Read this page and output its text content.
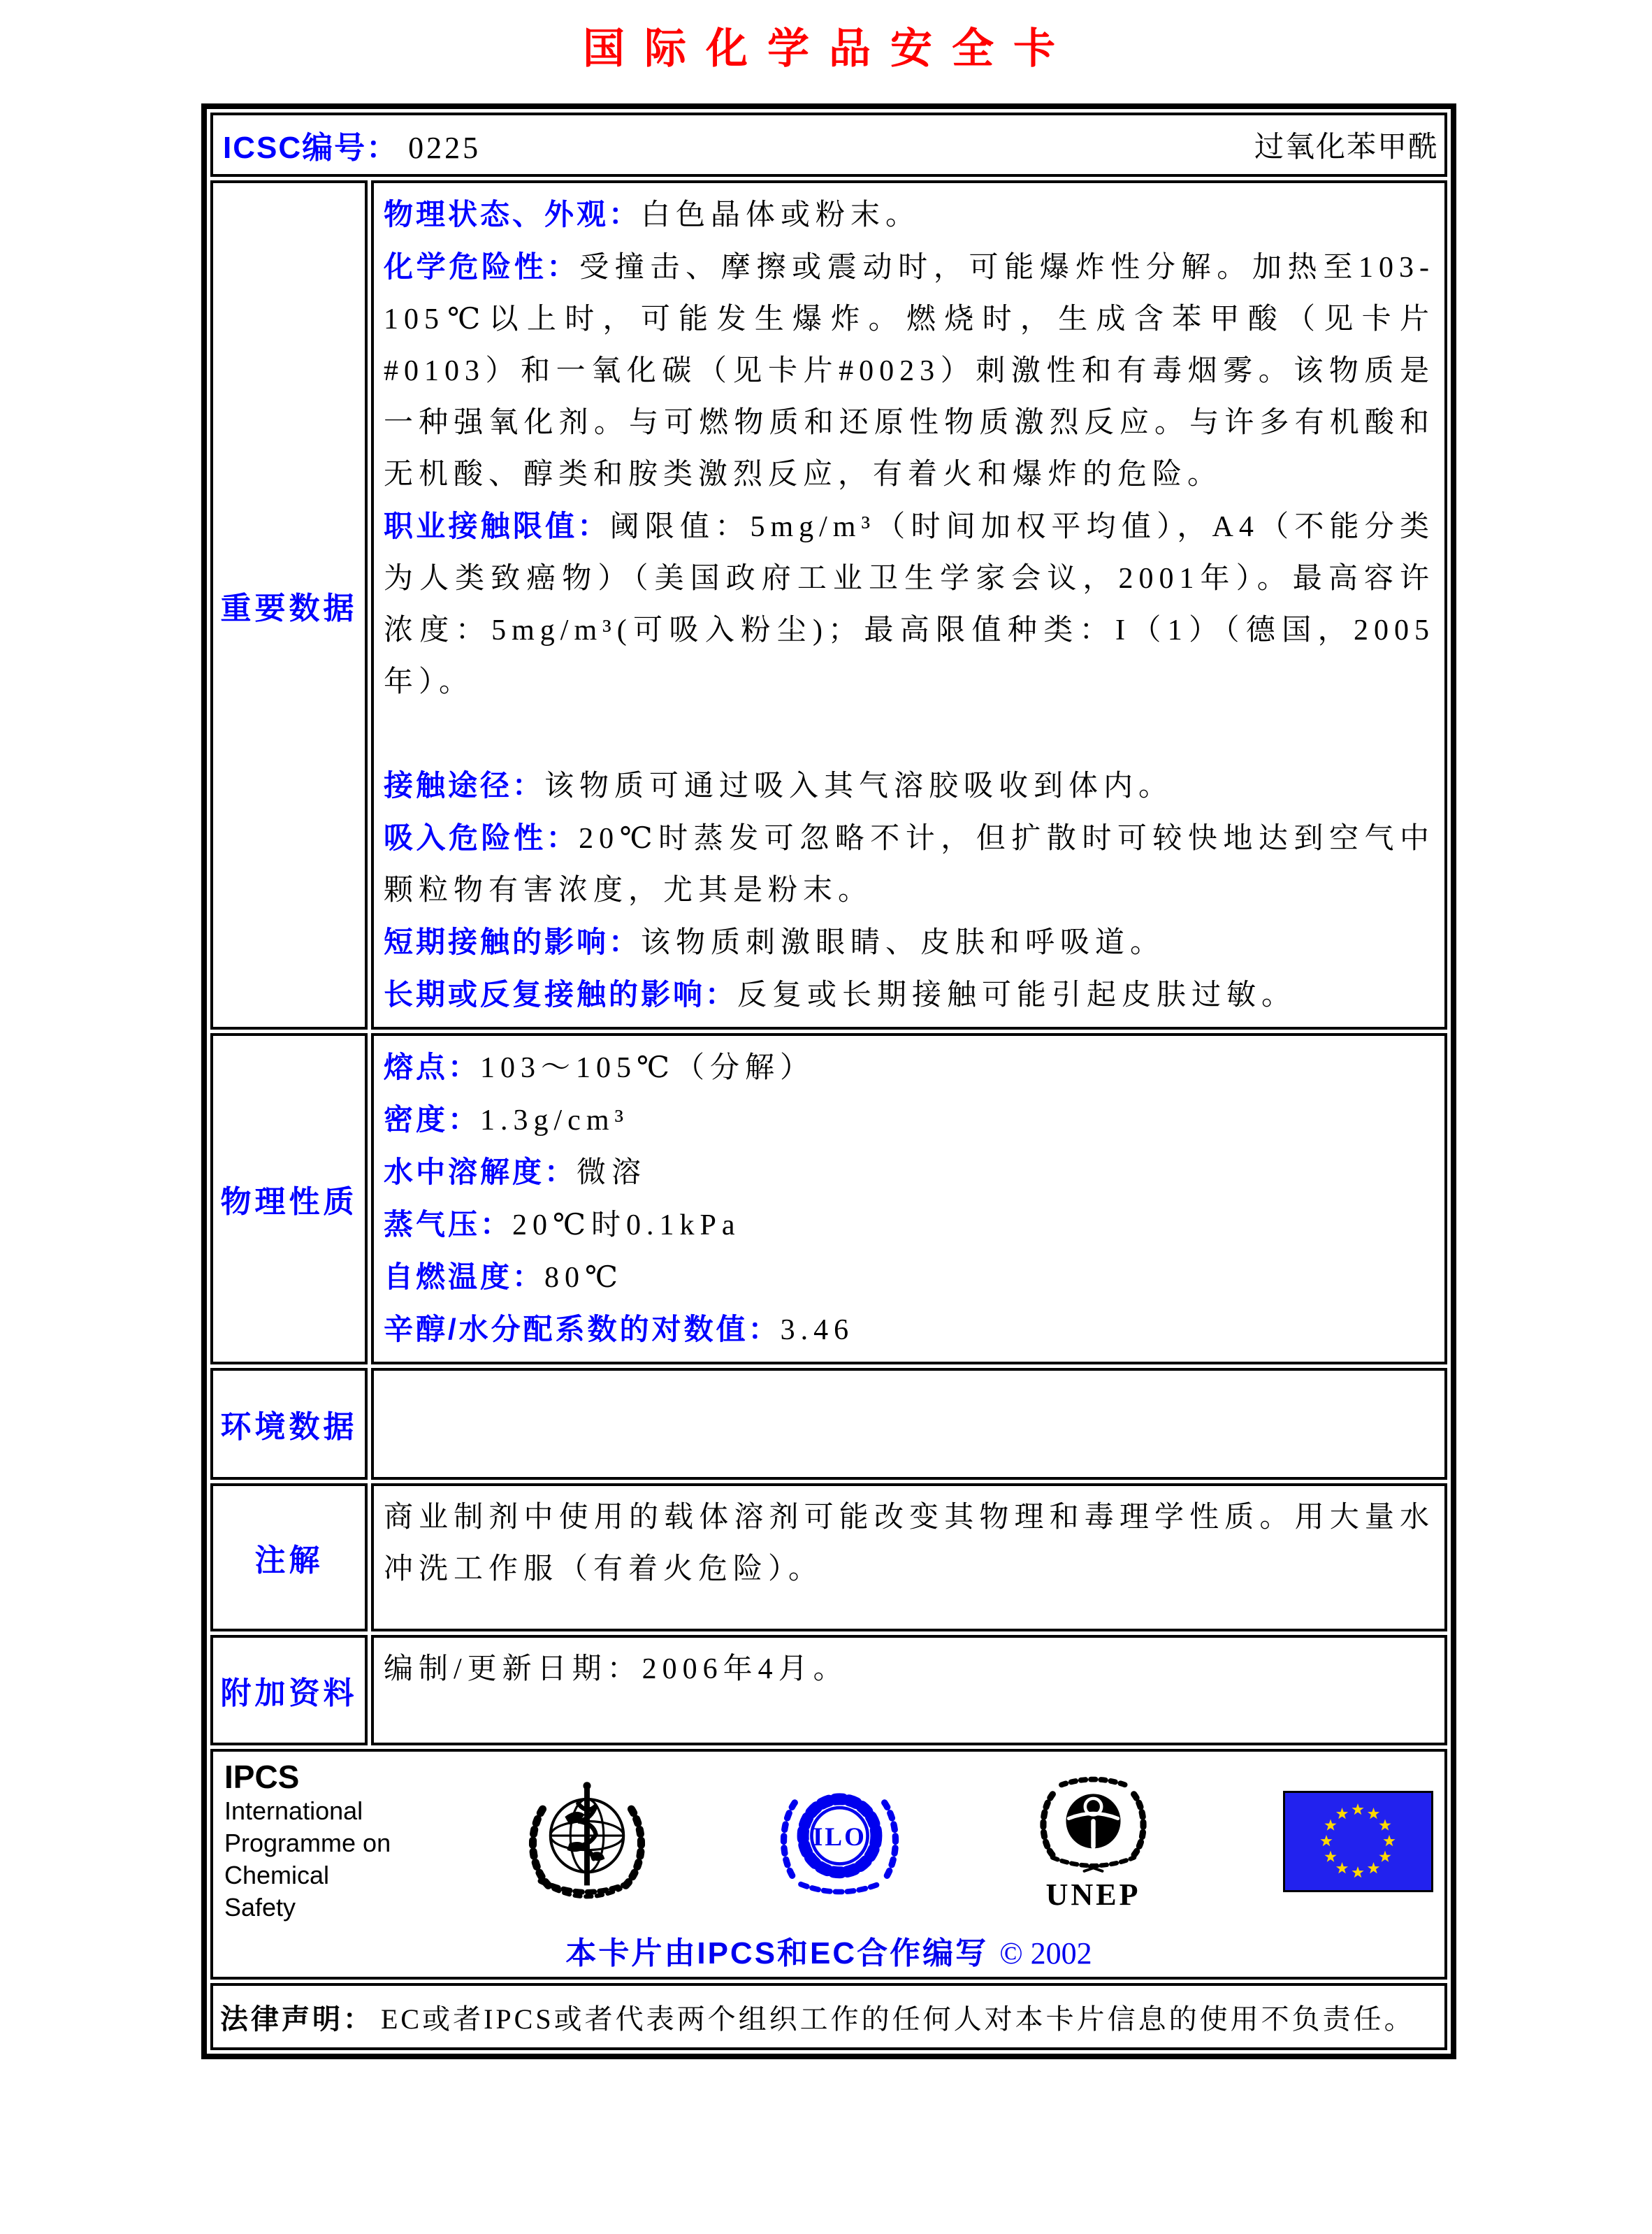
国际化学品安全卡
ICSC编号： 0225	过氧化苯甲酰
重要数据

物理状态、外观：白色晶体或粉末。

化学危险性：受撞击、摩擦或震动时，可能爆炸性分解。加热至103-105℃以上时，可能发生爆炸。燃烧时，生成含苯甲酸（见卡片#0103）和一氧化碳（见卡片#0023）刺激性和有毒烟雾。该物质是一种强氧化剂。与可燃物质和还原性物质激烈反应。与许多有机酸和无机酸、醇类和胺类激烈反应，有着火和爆炸的危险。

职业接触限值：阈限值：5mg/m³（时间加权平均值），A4（不能分类为人类致癌物）（美国政府工业卫生学家会议，2001年）。最高容许浓度：5mg/m³(可吸入粉尘)；最高限值种类：I（1）（德国，2005年）。

接触途径：该物质可通过吸入其气溶胶吸收到体内。

吸入危险性：20℃时蒸发可忽略不计，但扩散时可较快地达到空气中颗粒物有害浓度，尤其是粉末。

短期接触的影响：该物质刺激眼睛、皮肤和呼吸道。

长期或反复接触的影响：反复或长期接触可能引起皮肤过敏。

物理性质

熔点：103～105℃（分解）

密度：1.3g/cm³

水中溶解度：微溶

蒸气压：20℃时0.1kPa

自燃温度：80℃

辛醇/水分配系数的对数值：3.46

环境数据

注解

商业制剂中使用的载体溶剂可能改变其物理和毒理学性质。用大量水冲洗工作服（有着火危险）。

附加资料

编制/更新日期：2006年4月。

IPCS
International
Programme on
Chemical Safety
ILO
UNEP
本卡片由IPCS和EC合作编写 © 2002
法律声明： EC或者IPCS或者代表两个组织工作的任何人对本卡片信息的使用不负责任。
